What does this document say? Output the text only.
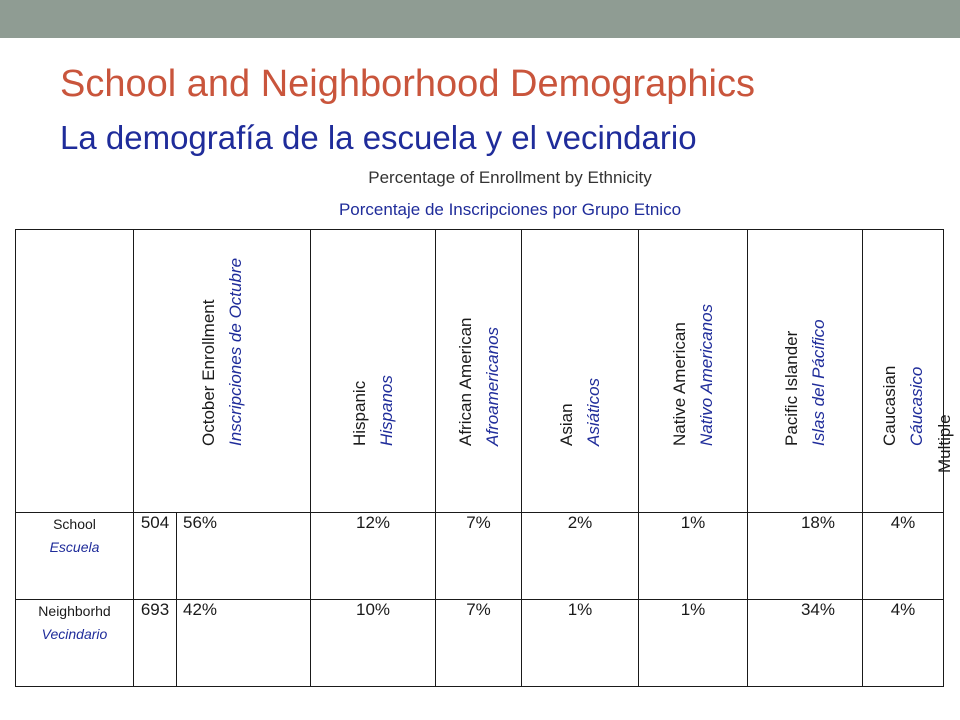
School and Neighborhood Demographics
La demografía de la escuela y el vecindario
Percentage of Enrollment by Ethnicity
Porcentaje de Inscripciones por Grupo Etnico

	October Enrollment Inscripciones de Octubre		Hispanic Hispanos	African American Afroamericanos	Asian Asiáticos	Native American Nativo Americanos	Pacific Islander Islas del Pácifico	Caucasian Cáucasico	Multiple

School
Escuela	504	56%	12%	7%	2%	1%	18%	4%	

Neighborhd
Vecindario	693	42%	10%	7%	1%	1%	34%	4%	
